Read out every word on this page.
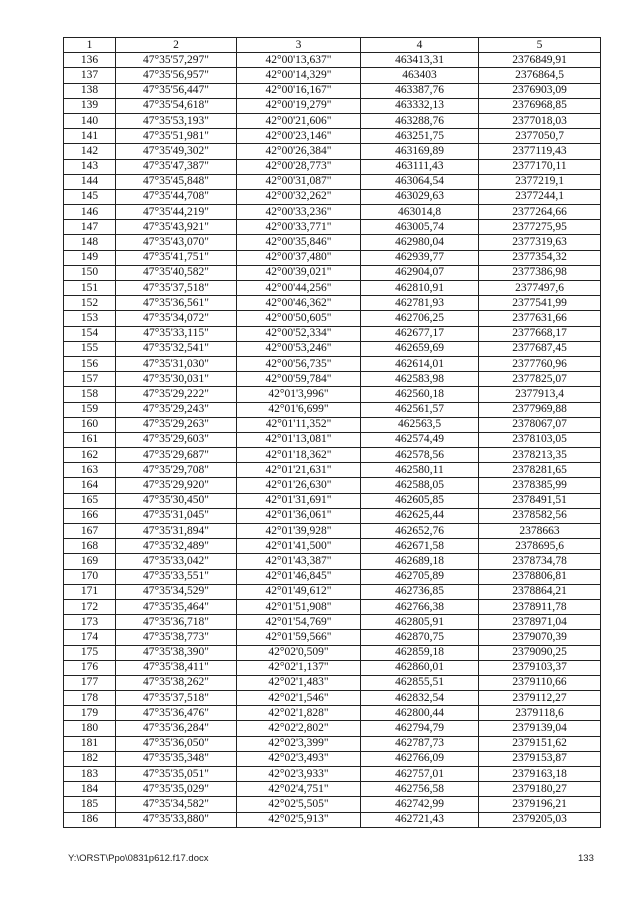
1	2	3	4	5
136	47°35'57,297"	42°00'13,637"	463413,31	2376849,91
137	47°35'56,957"	42°00'14,329"	463403	2376864,5
138	47°35'56,447"	42°00'16,167"	463387,76	2376903,09
139	47°35'54,618"	42°00'19,279"	463332,13	2376968,85
140	47°35'53,193"	42°00'21,606"	463288,76	2377018,03
141	47°35'51,981"	42°00'23,146"	463251,75	2377050,7
142	47°35'49,302"	42°00'26,384"	463169,89	2377119,43
143	47°35'47,387"	42°00'28,773"	463111,43	2377170,11
144	47°35'45,848"	42°00'31,087"	463064,54	2377219,1
145	47°35'44,708"	42°00'32,262"	463029,63	2377244,1
146	47°35'44,219"	42°00'33,236"	463014,8	2377264,66
147	47°35'43,921"	42°00'33,771"	463005,74	2377275,95
148	47°35'43,070"	42°00'35,846"	462980,04	2377319,63
149	47°35'41,751"	42°00'37,480"	462939,77	2377354,32
150	47°35'40,582"	42°00'39,021"	462904,07	2377386,98
151	47°35'37,518"	42°00'44,256"	462810,91	2377497,6
152	47°35'36,561"	42°00'46,362"	462781,93	2377541,99
153	47°35'34,072"	42°00'50,605"	462706,25	2377631,66
154	47°35'33,115"	42°00'52,334"	462677,17	2377668,17
155	47°35'32,541"	42°00'53,246"	462659,69	2377687,45
156	47°35'31,030"	42°00'56,735"	462614,01	2377760,96
157	47°35'30,031"	42°00'59,784"	462583,98	2377825,07
158	47°35'29,222"	42°01'3,996"	462560,18	2377913,4
159	47°35'29,243"	42°01'6,699"	462561,57	2377969,88
160	47°35'29,263"	42°01'11,352"	462563,5	2378067,07
161	47°35'29,603"	42°01'13,081"	462574,49	2378103,05
162	47°35'29,687"	42°01'18,362"	462578,56	2378213,35
163	47°35'29,708"	42°01'21,631"	462580,11	2378281,65
164	47°35'29,920"	42°01'26,630"	462588,05	2378385,99
165	47°35'30,450"	42°01'31,691"	462605,85	2378491,51
166	47°35'31,045"	42°01'36,061"	462625,44	2378582,56
167	47°35'31,894"	42°01'39,928"	462652,76	2378663
168	47°35'32,489"	42°01'41,500"	462671,58	2378695,6
169	47°35'33,042"	42°01'43,387"	462689,18	2378734,78
170	47°35'33,551"	42°01'46,845"	462705,89	2378806,81
171	47°35'34,529"	42°01'49,612"	462736,85	2378864,21
172	47°35'35,464"	42°01'51,908"	462766,38	2378911,78
173	47°35'36,718"	42°01'54,769"	462805,91	2378971,04
174	47°35'38,773"	42°01'59,566"	462870,75	2379070,39
175	47°35'38,390"	42°02'0,509"	462859,18	2379090,25
176	47°35'38,411"	42°02'1,137"	462860,01	2379103,37
177	47°35'38,262"	42°02'1,483"	462855,51	2379110,66
178	47°35'37,518"	42°02'1,546"	462832,54	2379112,27
179	47°35'36,476"	42°02'1,828"	462800,44	2379118,6
180	47°35'36,284"	42°02'2,802"	462794,79	2379139,04
181	47°35'36,050"	42°02'3,399"	462787,73	2379151,62
182	47°35'35,348"	42°02'3,493"	462766,09	2379153,87
183	47°35'35,051"	42°02'3,933"	462757,01	2379163,18
184	47°35'35,029"	42°02'4,751"	462756,58	2379180,27
185	47°35'34,582"	42°02'5,505"	462742,99	2379196,21
186	47°35'33,880"	42°02'5,913"	462721,43	2379205,03
Y:\ORST\Ppo\0831p612.f17.docx	133
